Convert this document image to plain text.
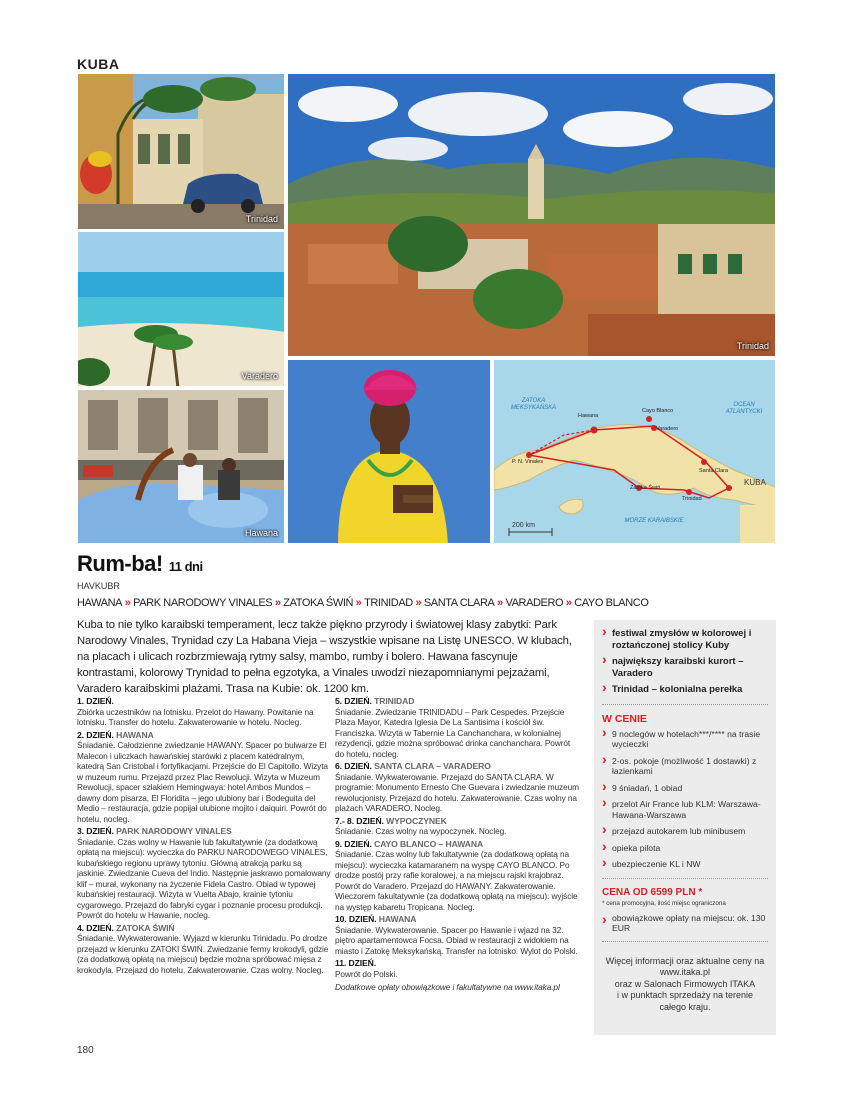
KUBA
Trinidad
Trinidad
Varadero
Hawana
ZATOKA MEKSYKAŃSKA	OCEAN ATLANTYCKI
MORZE KARAIBSKIE
KUBA
200 km
Hawana
Cayo Blanco
Varadero
P. N. Vinales
Santa Clara
Zatoka Świń
Trinidad
Rum-ba! 11 dni
HAVKUBR
HAWANA » PARK NARODOWY VINALES » ZATOKA ŚWIŃ » TRINIDAD » SANTA CLARA » VARADERO » CAYO BLANCO
Kuba to nie tylko karaibski temperament, lecz także piękno przyrody i światowej klasy zabytki: Park Narodowy Vinales, Trynidad czy La Habana Vieja – wszystkie wpisane na Listę UNESCO. W klubach, na placach i ulicach rozbrzmiewają rytmy salsy, mambo, rumby i bolero. Hawana fascynuje kontrastami, kolorowy Trynidad to pełna egzotyka, a Vinales uwodzi niezapomnianymi pejzażami, Varadero karaibskimi plażami. Trasa na Kubie: ok. 1200 km.
1. DZIEŃ.

Zbiórka uczestników na lotnisku. Przelot do Hawany. Powitanie na lotnisku. Transfer do hotelu. Zakwaterowanie w hotelu. Nocleg.

2. DZIEŃ. HAWANA

Śniadanie. Całodzienne zwiedzanie HAWANY. Spacer po bulwarze El Malecon i uliczkach hawańskiej starówki z placem katedralnym, katedrą San Cristobal i fortyfikacjami. Przejście do El Capitollo. Wizyta w muzeum rumu. Przejazd przez Plac Rewolucji. Wizyta w Muzeum Rewolucji, spacer szlakiem Hemingwaya: hotel Ambos Mundos – dawny dom pisarza, El Floridita – jego ulubiony bar i Bodeguita del Medio – restauracja, gdzie popijał ulubione mojito i daiquiri. Powrót do hotelu, nocleg.

3. DZIEŃ. PARK NARODOWY VINALES

Śniadanie. Czas wolny w Hawanie lub fakultatywnie (za dodatkową opłatą na miejscu): wycieczka do PARKU NARODOWEGO VINALES, kubańskiego regionu uprawy tytoniu. Główną atrakcją parku są jaskinie. Zwiedzanie Cueva del Indio. Następnie jaskrawo pomalowany klif – murał, wykonany na życzenie Fidela Castro. Obiad w typowej kubańskiej restauracji. Wizyta w Vuelta Abajo, krainie tytoniu cygarowego. Przejazd do fabryki cygar i poznanie procesu produkcji. Powrót do hotelu w Hawanie, nocleg.

4. DZIEŃ. ZATOKA ŚWIŃ

Śniadanie. Wykwaterowanie. Wyjazd w kierunku Trinidadu. Po drodze przejazd w kierunku ZATOKI ŚWIŃ. Zwiedzanie fermy krokodyli, gdzie (za dodatkową opłatą na miejscu) będzie można spróbować mięsa z krokodyla. Przejazd do hotelu. Zakwaterowanie. Czas wolny. Nocleg.

5. DZIEŃ. TRINIDAD

Śniadanie. Zwiedzanie TRINIDADU – Park Cespedes. Przejście Plaza Mayor, Katedra Iglesia De La Santisima i kościół św. Franciszka. Wizyta w Tabernie La Canchanchara, w kolonialnej rezydencji, gdzie można spróbować drinka canchanchara. Powrót do hotelu, nocleg.

6. DZIEŃ. SANTA CLARA – VARADERO

Śniadanie. Wykwaterowanie. Przejazd do SANTA CLARA. W programie: Monumento Ernesto Che Guevara i zwiedzanie muzeum rewolucjonisty. Przejazd do hotelu. Zakwaterowanie. Czas wolny na plażach VARADERO. Nocleg.

7.- 8. DZIEŃ. WYPOCZYNEK

Śniadanie. Czas wolny na wypoczynek. Nocleg.

9. DZIEŃ. CAYO BLANCO – HAWANA

Śniadanie. Czas wolny lub fakultatywnie (za dodatkową opłatą na miejscu): wycieczka katamaranem na wyspę CAYO BLANCO. Po drodze postój przy rafie koralowej, a na miejscu rajski krajobraz. Powrót do Varadero. Przejazd do HAWANY. Zakwaterowanie. Wieczorem fakultatywnie (za dodatkową opłatą na miejscu): wyjście na występ kabaretu Tropicana. Nocleg.

10. DZIEŃ. HAWANA

Śniadanie. Wykwaterowanie. Spacer po Hawanie i wjazd na 32. piętro apartamentowca Focsa. Obiad w restauracji z widokiem na miasto i Zatokę Meksykańską. Transfer na lotnisko. Wylot do Polski.

11. DZIEŃ.

Powrót do Polski.

Dodatkowe opłaty obowiązkowe i fakultatywne na www.itaka.pl

› festiwal zmysłów w kolorowej i roztańczonej stolicy Kuby
› największy karaibski kurort – Varadero
› Trinidad – kolonialna perełka
W CENIE
› 9 noclegów w hotelach***/**** na trasie wycieczki
› 2-os. pokoje (możliwość 1 dostawki) z łazienkami
› 9 śniadań, 1 obiad
› przelot Air France lub KLM: Warszawa-Hawana-Warszawa
› przejazd autokarem lub minibusem
› opieka pilota
› ubezpieczenie KL i NW
CENA OD 6599 PLN *
* cena promocyjna, ilość miejsc ograniczona
› obowiązkowe opłaty na miejscu: ok. 130 EUR
Więcej informacji oraz aktualne ceny na
www.itaka.pl
oraz w Salonach Firmowych ITAKA
i w punktach sprzedaży na terenie
całego kraju.
180
